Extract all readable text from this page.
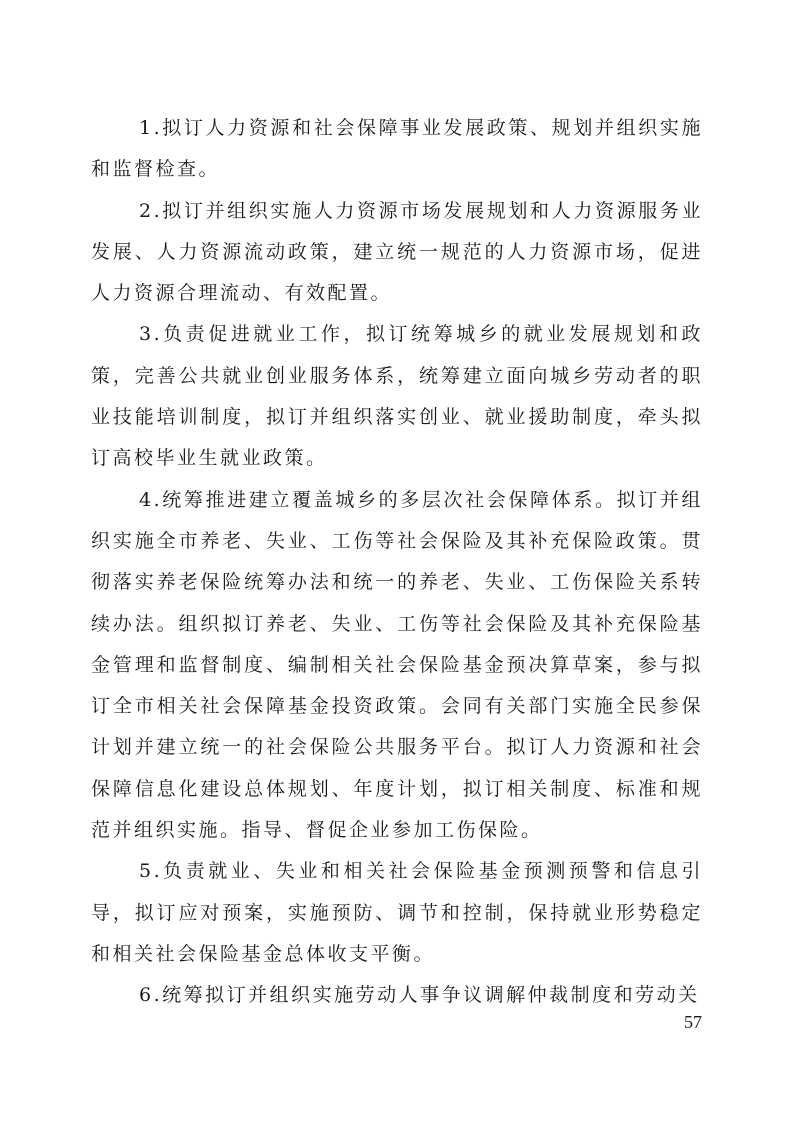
1.拟订人力资源和社会保障事业发展政策、规划并组织实施和监督检查。

2.拟订并组织实施人力资源市场发展规划和人力资源服务业发展、人力资源流动政策，建立统一规范的人力资源市场，促进人力资源合理流动、有效配置。

3.负责促进就业工作，拟订统筹城乡的就业发展规划和政策，完善公共就业创业服务体系，统筹建立面向城乡劳动者的职业技能培训制度，拟订并组织落实创业、就业援助制度，牵头拟订高校毕业生就业政策。

4.统筹推进建立覆盖城乡的多层次社会保障体系。拟订并组织实施全市养老、失业、工伤等社会保险及其补充保险政策。贯彻落实养老保险统筹办法和统一的养老、失业、工伤保险关系转续办法。组织拟订养老、失业、工伤等社会保险及其补充保险基金管理和监督制度、编制相关社会保险基金预决算草案，参与拟订全市相关社会保障基金投资政策。会同有关部门实施全民参保计划并建立统一的社会保险公共服务平台。拟订人力资源和社会保障信息化建设总体规划、年度计划，拟订相关制度、标准和规范并组织实施。指导、督促企业参加工伤保险。

5.负责就业、失业和相关社会保险基金预测预警和信息引导，拟订应对预案，实施预防、调节和控制，保持就业形势稳定和相关社会保险基金总体收支平衡。

6.统筹拟订并组织实施劳动人事争议调解仲裁制度和劳动关

57
